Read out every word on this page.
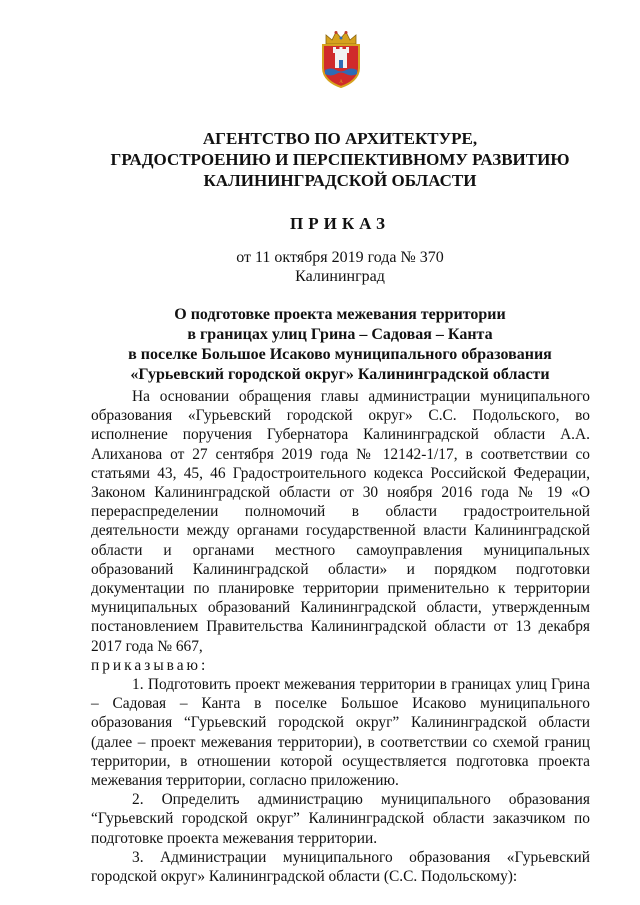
A
АГЕНТСТВО ПО АРХИТЕКТУРЕ,
ГРАДОСТРОЕНИЮ И ПЕРСПЕКТИВНОМУ РАЗВИТИЮ
КАЛИНИНГРАДСКОЙ ОБЛАСТИ
ПРИКАЗ
от 11 октября 2019 года № 370
Калининград
О подготовке проекта межевания территории
в границах улиц Грина – Садовая – Канта
в поселке Большое Исаково муниципального образования
«Гурьевский городской округ» Калининградской области

На основании обращения главы администрации муниципального образования «Гурьевский городской округ» С.С. Подольского, во исполнение поручения Губернатора Калининградской области А.А. Алиханова от 27 сентября 2019 года № 12142-1/17, в соответствии со статьями 43, 45, 46 Градостроительного кодекса Российской Федерации, Законом Калининградской области от 30 ноября 2016 года № 19 «О перераспределении полномочий в области градостроительной деятельности между органами государственной власти Калининградской области и органами местного самоуправления муниципальных образований Калининградской области» и порядком подготовки документации по планировке территории применительно к территории муниципальных образований Калининградской области, утвержденным постановлением Правительства Калининградской области от 13 декабря 2017 года № 667,

приказываю:

1. Подготовить проект межевания территории в границах улиц Грина – Садовая – Канта в поселке Большое Исаково муниципального образования “Гурьевский городской округ” Калининградской области (далее – проект межевания территории), в соответствии со схемой границ территории, в отношении которой осуществляется подготовка проекта межевания территории, согласно приложению.

2. Определить администрацию муниципального образования “Гурьевский городской округ” Калининградской области заказчиком по подготовке проекта межевания территории.

3. Администрации муниципального образования «Гурьевский городской округ» Калининградской области (С.С. Подольскому):
